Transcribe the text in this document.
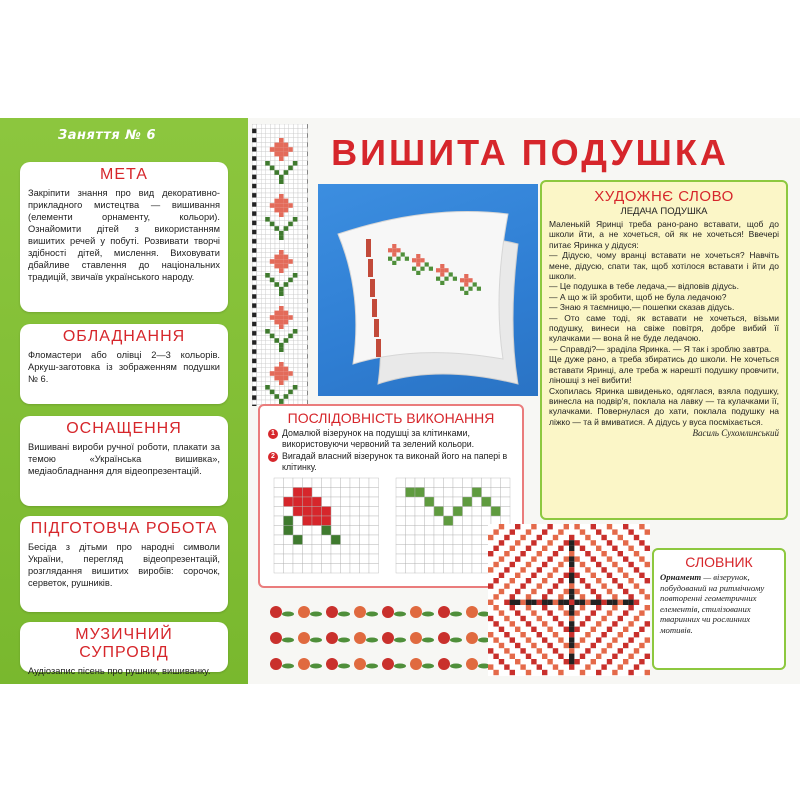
Заняття № 6
МЕТА

Закріпити знання про вид декоративно-прикладного мистецтва — вишивання (елементи орнаменту, кольори). Ознайомити дітей з використанням вишитих речей у побуті. Розвивати творчі здібності дітей, мислення. Виховувати дбайливе ставлення до національних традицій, звичаїв українського народу.

ОБЛАДНАННЯ

Фломастери або олівці 2—3 кольорів. Аркуш-заготовка із зображенням подушки № 6.

ОСНАЩЕННЯ

Вишивані вироби ручної роботи, плакати за темою «Українська вишивка», медіаобладнання для відеопрезентацій.

ПІДГОТОВЧА РОБОТА

Бесіда з дітьми про народні символи України, перегляд відеопрезентацій, розглядання вишитих виробів: сорочок, серветок, рушників.

МУЗИЧНИЙ СУПРОВІД

Аудіозапис пісень про рушник, вишиванку.

ВИШИТА ПОДУШКА
ХУДОЖНЄ СЛОВО
ЛЕДАЧА ПОДУШКА

Маленькій Яринці треба рано-рано вставати, щоб до школи йти, а не хочеться, ой як не хочеться! Ввечері питає Яринка у дідуся:

— Дідусю, чому вранці вставати не хочеться? Навчіть мене, дідусю, спати так, щоб хотілося вставати і йти до школи.

— Це подушка в тебе ледача,— відповів дідусь.

— А що ж їй зробити, щоб не була ледачою?

— Знаю я таємницю,— пошепки сказав дідусь.

— Ото саме тоді, як вставати не хочеться, візьми подушку, винеси на свіже повітря, добре вибий її кулачками — вона й не буде ледачою.

— Справді?— зраділа Яринка. — Я так і зроблю завтра.

Ще дуже рано, а треба збиратись до школи. Не хочеться вставати Яринці, але треба ж нарешті подушку провчити, ліношці з неї вибити!

Схопилась Яринка швиденько, одяглася, взяла подушку, винесла на подвір'я, поклала на лавку — та кулачками її, кулачками. Повернулася до хати, поклала подушку на ліжко — та й вмиватися. А дідусь у вуса посміхається.

Василь Сухомлинський
ПОСЛІДОВНІСТЬ ВИКОНАННЯ
1 Домалюй візерунок на подушці за клітинками, використовуючи червоний та зелений кольори.
2 Вигадай власний візерунок та виконай його на папері в клітинку.
СЛОВНИК

Орнамент — візерунок, побудований на ритмічному повторенні геометричних елементів, стилізованих тваринних чи рослинних мотивів.
